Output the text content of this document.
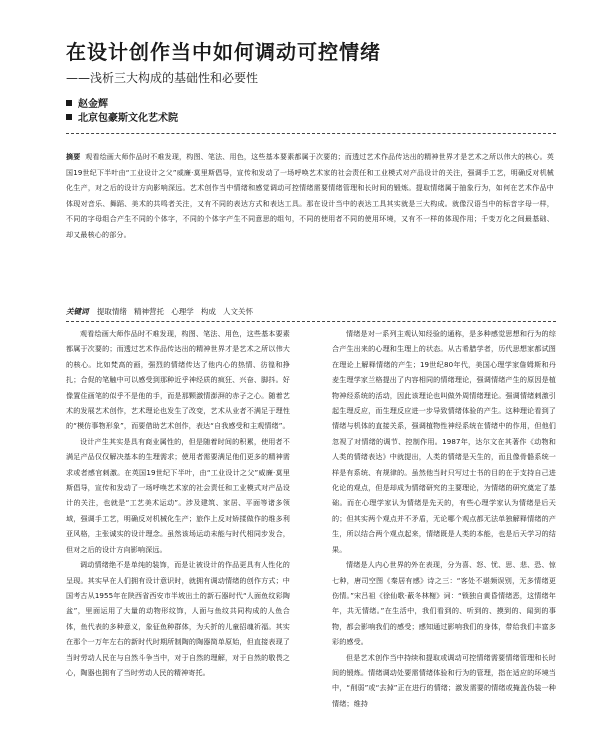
在设计创作当中如何调动可控情绪
——浅析三大构成的基础性和必要性
赵金辉
北京包豪斯文化艺术院
摘要 观看绘画大师作品时不难发现，构图、笔法、用色，这些基本要素都属于次要的；而透过艺术作品传达出的精神世界才是艺术之所以伟大的核心。英国19世纪下半叶由“工业设计之父”威廉·莫里斯倡导，宣传和发动了一场呼唤艺术家的社会责任和工业模式对产品设计的关注，强调手工艺，明确反对机械化生产，对之后的设计方向影响深远。艺术创作当中情绪和感觉调动可控情绪需要情绪管理和长时间的锻炼。提取情绪属于抽象行为，如何在艺术作品中体现对音乐、舞蹈、美术的共鸣者关注，又有不同的表达方式和表达工具。那在设计当中的表达工具其实就是三大构成。就像汉语当中的标音字母一样，不同的字母组合产生不同的个体字，不同的个体字产生不同意思的组句，不同的使用者不同的使用环境，又有不一样的体现作用；千变万化之间最基础、却又最核心的部分。
关键词 提取情绪 精神营托 心理学 构成 人文关怀

观看绘画大师作品时不难发现，构图、笔法、用色，这些基本要素都属于次要的；而透过艺术作品传达出的精神世界才是艺术之所以伟大的核心。比如梵高的画，强烈的情绪传达了他内心的热情、彷徨和挣扎；合促的笔触中可以感受到那种近乎神经质的疯狂、兴奋、脚抖。好像置住画笔的似乎不是他的手，而是那颗激情澎湃的赤子之心。随着艺术的发展艺术创作，艺术理论也发生了改变，艺术从业者不满足于理性的“模仿事物形象”，而要借助艺术创作，表达“自我感受和主观情绪”。

设计产生其实是具有商业属性的，但是随着时间的积累，使用者不满足产品仅仅解决基本的生理需求；使用者需要满足他们更多的精神需求或者感官刺激。在英国19世纪下半叶，由“工业设计之父”威廉·莫里斯倡导，宣传和发动了一场呼唤艺术家的社会责任和工业模式对产品设计的关注，也就是“工艺美术运动”。涉及建筑、家居、平面等诸多领域，强调手工艺，明确反对机械化生产；旅作上反对矫揉做作的维多利亚风格，主张诚实的设计理念。虽然该场运动未能与时代相同步发合，但对之后的设计方向影响深远。

调动情绪绝不是单纯的装饰，而是让被设计的作品更具有人性化的呈现。其实早在人们拥有设计意识时，就拥有调动情绪的创作方式；中国考古从1955年在陕西省西安市半坡出土的新石器时代“人面鱼纹彩陶盆”，里面运用了大量的动物形纹饰，人面与鱼纹共同构成的人鱼合体，鱼代表的多种意义，象征鱼种群体，为夭折的儿童招魂祈福。其实在那个一万年左右的新时代时期所制陶的陶器简单原始，但直接表现了当时劳动人民在与自然斗争当中，对于自然的理解，对于自然的敬畏之心，陶器也拥有了当时劳动人民的精神寄托。

情绪是对一系列主观认知经验的通称，是多种感觉思想和行为的综合产生出来的心理和生理上的状态。从古希腊学者，历代思想家都试图在理论上解释情绪的产生；19世纪80年代，美国心理学家詹姆斯和丹麦生理学家兰格提出了内容相同的情绪理论，强调情绪产生的原因是植物神经系统的活动，因此该理论也叫做外周情绪理论。强调情绪刺激引起生理反应，而生理反应进一步导致情绪体验的产生。这种理论看到了情绪与机体的直接关系，强调植物性神经系统在情绪中的作用，但他们忽视了对情绪的调节、控制作用。1987年，达尔文在其著作《动物和人类的情绪表达》中就提出，人类的情绪是天生的，而且像骨骼系统一样是有系统、有规律的。虽然他当时只写过士书的目的在于支持自己进化论的观点，但是却成为情绪研究的主要理论，为情绪的研究奠定了基础。而在心理学家认为情绪是先天的，有些心理学家认为情绪是后天的；但其实两个观点并不矛盾，无论哪个观点都无法单独解释情绪的产生，所以结合两个观点起来，情绪既是人类的本能，也是后天学习的结果。

情绪是人内心世界的外在表现，分为喜、怒、忧、思、悲、恐、惊七种，唐司空图《秦居有感》诗之三：“客处不堪频误别，无多情绪更伤情。”宋吕祖《徐仙歌·蔽冬林榭》词：“锁独自黄昏情绪恶，这情绪年年，共无情绪。”在生活中，我们看到的、听到的、摸到的、闻到的事物，都会影响我们的感受；感知通过影响我们的身体，带给我们丰富多彩的感受。

但是艺术创作当中持续和提取或调动可控情绪需要情绪管理和长时间的锻炼。情绪调动处要需情绪体验和行为的管理，指在适应的环境当中，“削弱”或“去掉”正在进行的情绪；激发需要的情绪或掩盖伪装一种情绪；维持
